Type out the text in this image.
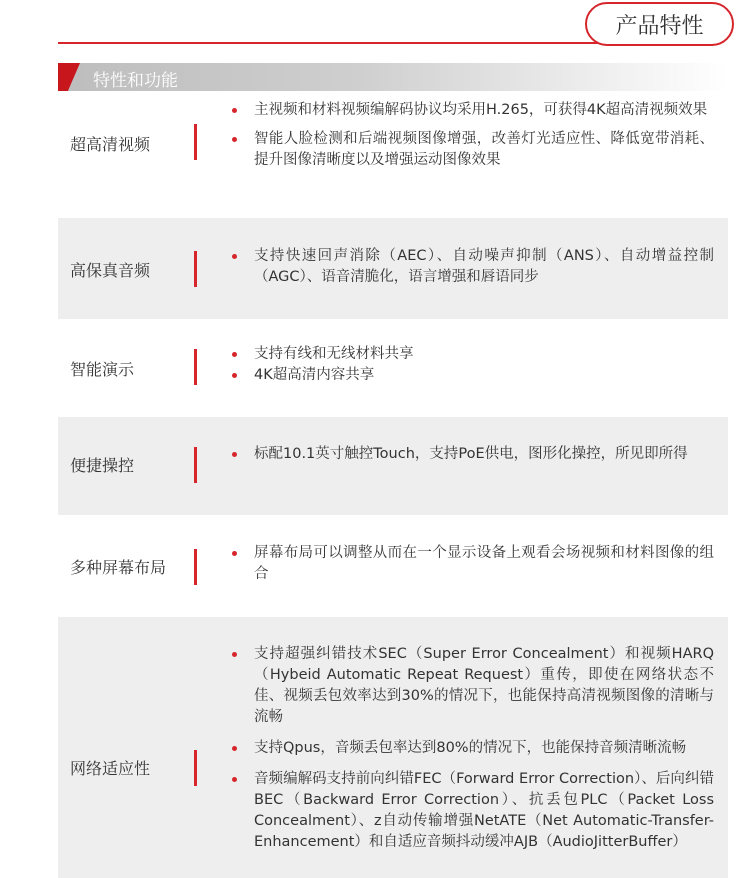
产品特性
特性和功能
超高清视频
主视频和材料视频编解码协议均采用H.265，可获得4K超高清视频效果
智能人脸检测和后端视频图像增强，改善灯光适应性、降低宽带消耗、提升图像清晰度以及增强运动图像效果
高保真音频
支持快速回声消除（AEC）、自动噪声抑制（ANS）、自动增益控制（AGC）、语音清脆化，语言增强和唇语同步
智能演示
支持有线和无线材料共享
4K超高清内容共享
便捷操控
标配10.1英寸触控Touch，支持PoE供电，图形化操控，所见即所得
多种屏幕布局
屏幕布局可以调整从而在一个显示设备上观看会场视频和材料图像的组合
网络适应性
支持超强纠错技术SEC（Super Error Concealment）和视频HARQ（Hybeid Automatic Repeat Request）重传，即使在网络状态不佳、视频丢包效率达到30%的情况下，也能保持高清视频图像的清晰与流畅
支持Qpus，音频丢包率达到80%的情况下，也能保持音频清晰流畅
音频编解码支持前向纠错FEC（Forward Error Correction）、后向纠错BEC（Backward Error Correction）、抗丢包PLC（Packet Loss Concealment）、z自动传输增强NetATE（Net Automatic-Transfer-Enhancement）和自适应音频抖动缓冲AJB（AudioJitterBuffer）
